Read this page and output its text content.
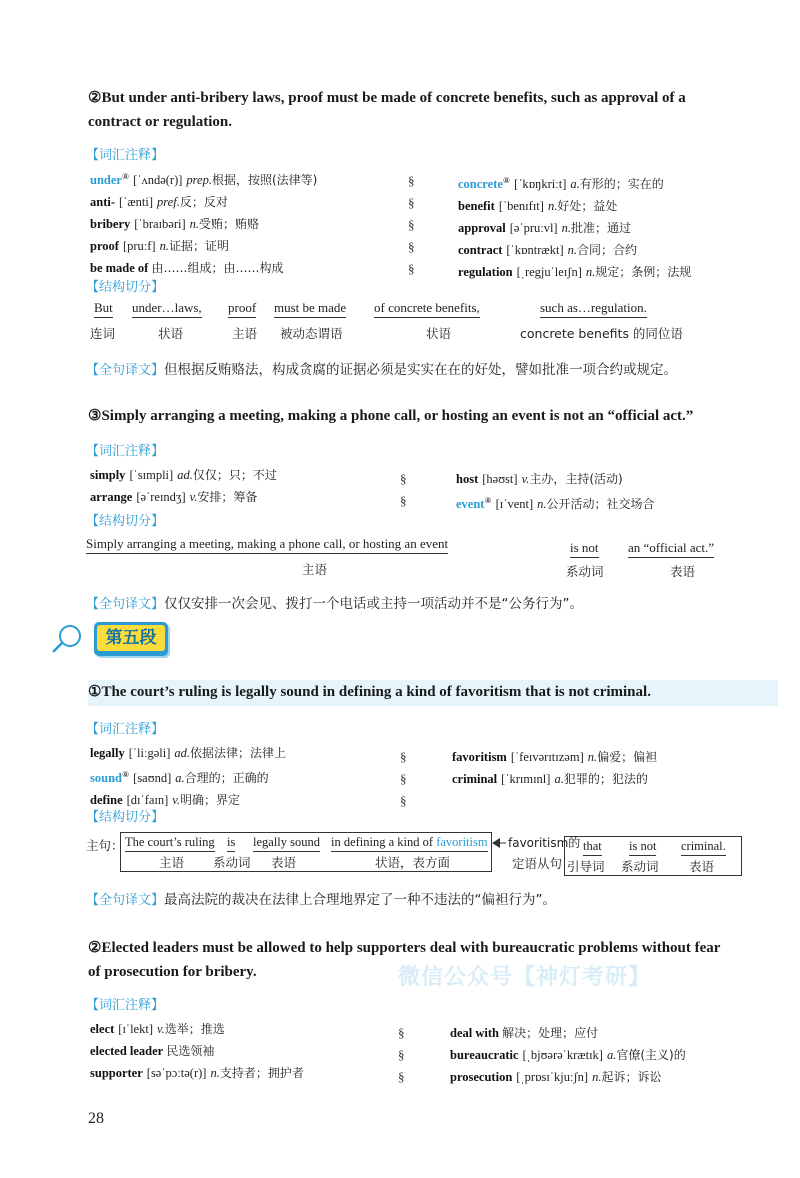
②But under anti-bribery laws, proof must be made of concrete benefits, such as approval of a
contract or regulation.
【词汇注释】
under⑧ [ˈʌndə(r)] prep.根据，按照(法律等)
anti- [ˈænti] pref.反；反对
bribery [ˈbraɪbəri] n.受贿；贿赂
proof [pruːf] n.证据；证明
be made of 由……组成；由……构成
§
§
§
§
§
concrete⑧ [ˈkɒŋkriːt] a.有形的；实在的
benefit [ˈbenɪfɪt] n.好处；益处
approval [əˈpruːvl] n.批准；通过
contract [ˈkɒntrækt] n.合同；合约
regulation [ˌregjuˈleɪʃn] n.规定；条例；法规
【结构切分】
But
连词
under…laws,
状语
proof
主语
must be made
被动态谓语
of concrete benefits,
状语
such as…regulation.
concrete benefits 的同位语
【全句译文】但根据反贿赂法，构成贪腐的证据必须是实实在在的好处，譬如批准一项合约或规定。
③Simply arranging a meeting, making a phone call, or hosting an event is not an “official act.”
【词汇注释】
simply [ˈsɪmpli] ad.仅仅；只；不过
arrange [əˈreɪndʒ] v.安排；筹备
§
§
host [həʊst] v.主办，主持(活动)
event⑧ [ɪˈvent] n.公开活动；社交场合
【结构切分】
Simply arranging a meeting, making a phone call, or hosting an event
主语
is not
系动词
an “official act.”
表语
【全句译文】仅仅安排一次会见、拨打一个电话或主持一项活动并不是“公务行为”。
第五段
①The court’s ruling is legally sound in defining a kind of favoritism that is not criminal.
【词汇注释】
legally [ˈliːgəli] ad.依据法律；法律上
sound⑧ [saʊnd] a.合理的；正确的
define [dɪˈfaɪn] v.明确；界定
§
§
§
favoritism [ˈfeɪvərɪtɪzəm] n.偏爱；偏袒
criminal [ˈkrɪmɪnl] a.犯罪的；犯法的
【结构切分】
主句： The court’s ruling
主语
is
系动词
legally sound
表语
in defining a kind of favoritism
状语，表方面
favoritism的
定语从句
that
引导词
is not
系动词
criminal.
表语
【全句译文】最高法院的裁决在法律上合理地界定了一种不违法的“偏袒行为”。
微信公众号【神灯考研】
②Elected leaders must be allowed to help supporters deal with bureaucratic problems without fear
of prosecution for bribery.
【词汇注释】
elect [ɪˈlekt] v.选举；推选
elected leader 民选领袖
supporter [səˈpɔːtə(r)] n.支持者；拥护者
§
§
§
deal with 解决；处理；应付
bureaucratic [ˌbjʊərəˈkrætɪk] a.官僚(主义)的
prosecution [ˌprɒsɪˈkjuːʃn] n.起诉；诉讼
28
